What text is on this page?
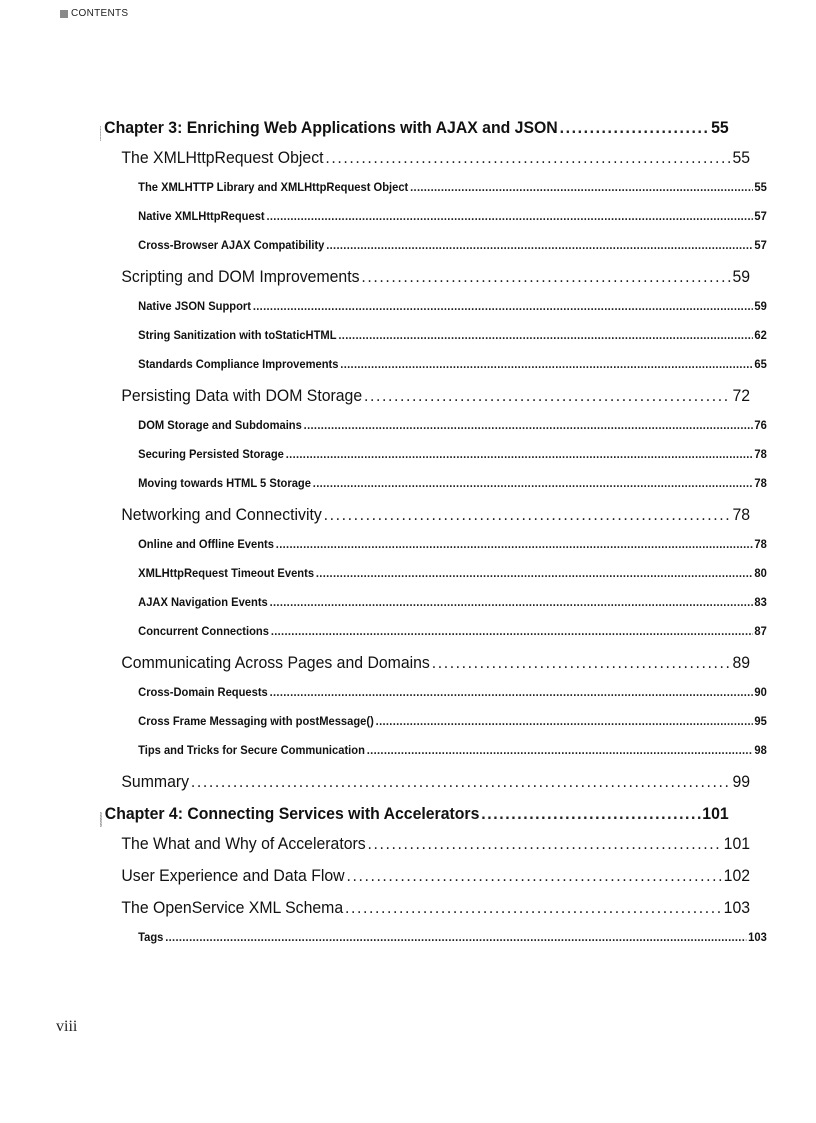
CONTENTS
Chapter 3: Enriching Web Applications with AJAX and JSON . . .	55
The XMLHttpRequest Object . . .	55
The XMLHTTP Library and XMLHttpRequest Object . . .	55
Native XMLHttpRequest . . .	57
Cross-Browser AJAX Compatibility . . .	57
Scripting and DOM Improvements . . .	59
Native JSON Support . . .	59
String Sanitization with toStaticHTML . . .	62
Standards Compliance Improvements . . .	65
Persisting Data with DOM Storage . . .	72
DOM Storage and Subdomains . . .	76
Securing Persisted Storage . . .	78
Moving towards HTML 5 Storage . . .	78
Networking and Connectivity . . .	78
Online and Offline Events . . .	78
XMLHttpRequest Timeout Events . . .	80
AJAX Navigation Events . . .	83
Concurrent Connections . . .	87
Communicating Across Pages and Domains . . .	89
Cross-Domain Requests . . .	90
Cross Frame Messaging with postMessage() . . .	95
Tips and Tricks for Secure Communication . . .	98
Summary . . .	99
Chapter 4: Connecting Services with Accelerators . . .	101
The What and Why of Accelerators . . .	101
User Experience and Data Flow . . .	102
The OpenService XML Schema . . .	103
Tags . . .	103
viii
